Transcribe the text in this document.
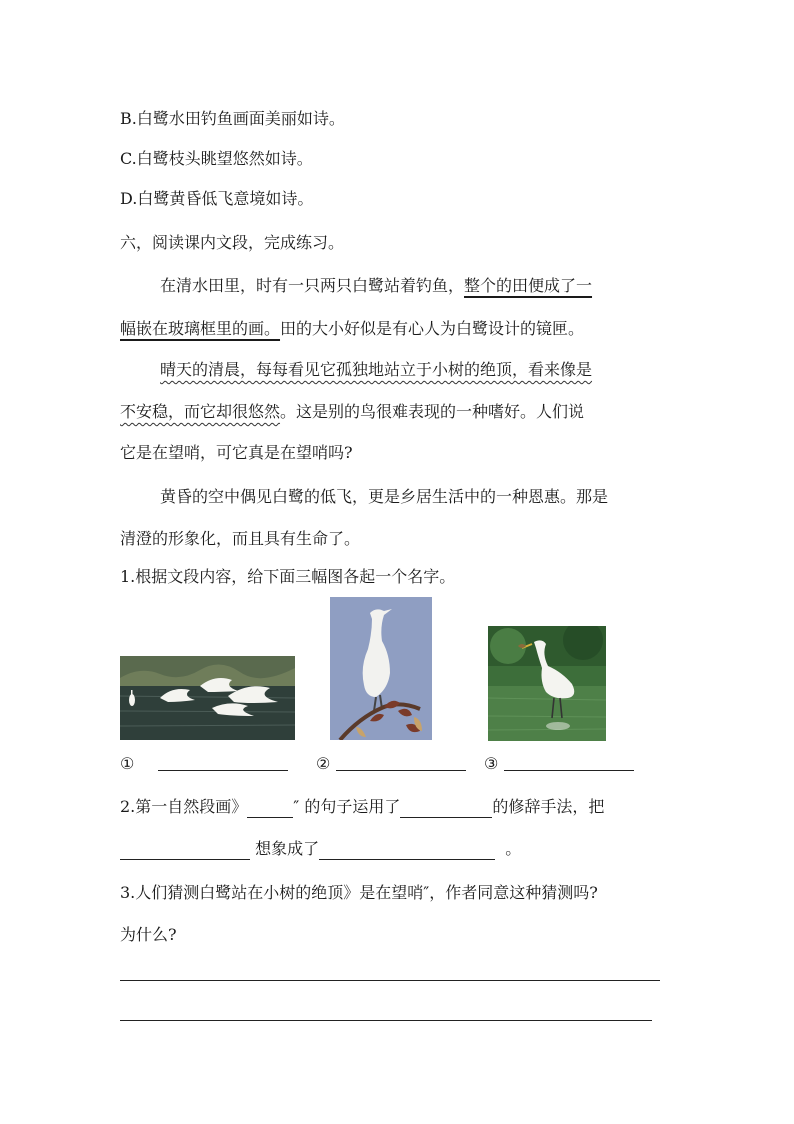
B.白鹭水田钓鱼画面美丽如诗。
C.白鹭枝头眺望悠然如诗。
D.白鹭黄昏低飞意境如诗。
六，阅读课内文段，完成练习。
在清水田里，时有一只两只白鹭站着钓鱼，整个的田便成了一
幅嵌在玻璃框里的画。田的大小好似是有心人为白鹭设计的镜匣。
晴天的清晨，每每看见它孤独地站立于小树的绝顶，看来像是
不安稳，而它却很悠然。这是别的鸟很难表现的一种嗜好。人们说
它是在望哨，可它真是在望哨吗?
黄昏的空中偶见白鹭的低飞，更是乡居生活中的一种恩惠。那是
清澄的形象化，而且具有生命了。
1.根据文段内容，给下面三幅图各起一个名字。
①	②	③
2.第一自然段画》	″ 的句子运用了	的修辞手法，把
想象成了	。
3.人们猜测白鹭站在小树的绝顶》是在望哨″，作者同意这种猜测吗?
为什么?
